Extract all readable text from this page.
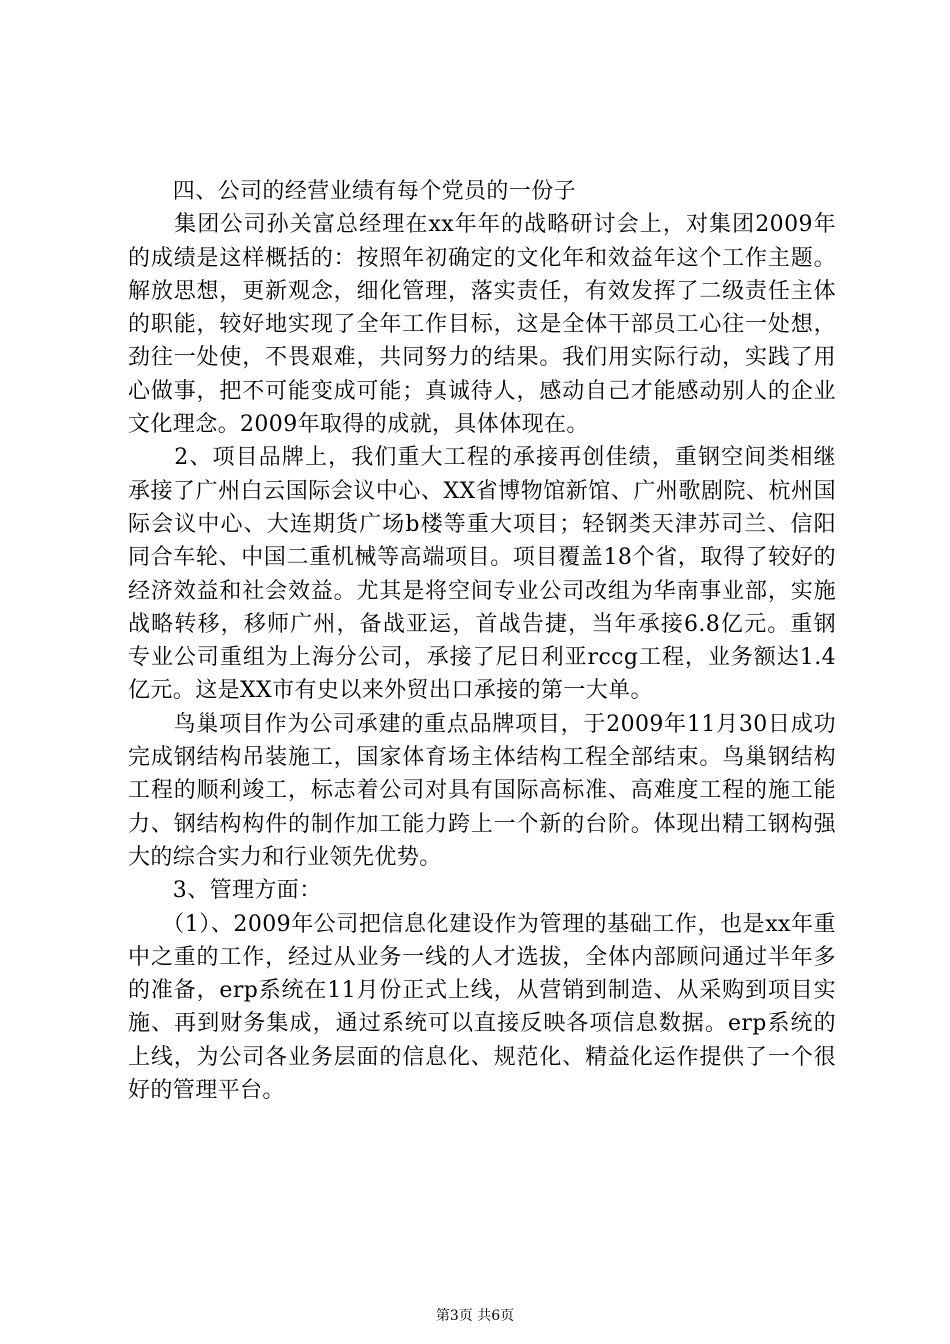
　　四、公司的经营业绩有每个党员的一份子

　　集团公司孙关富总经理在xx年年的战略研讨会上，对集团2009年的成绩是这样概括的：按照年初确定的文化年和效益年这个工作主题。解放思想，更新观念，细化管理，落实责任，有效发挥了二级责任主体的职能，较好地实现了全年工作目标，这是全体干部员工心往一处想，劲往一处使，不畏艰难，共同努力的结果。我们用实际行动，实践了用心做事，把不可能变成可能；真诚待人，感动自己才能感动别人的企业文化理念。2009年取得的成就，具体体现在。

　　2、项目品牌上，我们重大工程的承接再创佳绩，重钢空间类相继承接了广州白云国际会议中心、XX省博物馆新馆、广州歌剧院、杭州国际会议中心、大连期货广场b楼等重大项目；轻钢类天津苏司兰、信阳同合车轮、中国二重机械等高端项目。项目覆盖18个省，取得了较好的经济效益和社会效益。尤其是将空间专业公司改组为华南事业部，实施战略转移，移师广州，备战亚运，首战告捷，当年承接6.8亿元。重钢专业公司重组为上海分公司，承接了尼日利亚rccg工程，业务额达1.4亿元。这是XX市有史以来外贸出口承接的第一大单。

　　鸟巢项目作为公司承建的重点品牌项目，于2009年11月30日成功完成钢结构吊装施工，国家体育场主体结构工程全部结束。鸟巢钢结构工程的顺利竣工，标志着公司对具有国际高标准、高难度工程的施工能力、钢结构构件的制作加工能力跨上一个新的台阶。体现出精工钢构强大的综合实力和行业领先优势。

　　3、管理方面：

　　（1）、2009年公司把信息化建设作为管理的基础工作，也是xx年重中之重的工作，经过从业务一线的人才选拔，全体内部顾问通过半年多的准备，erp系统在11月份正式上线，从营销到制造、从采购到项目实施、再到财务集成，通过系统可以直接反映各项信息数据。erp系统的上线，为公司各业务层面的信息化、规范化、精益化运作提供了一个很好的管理平台。

第3页 共6页
